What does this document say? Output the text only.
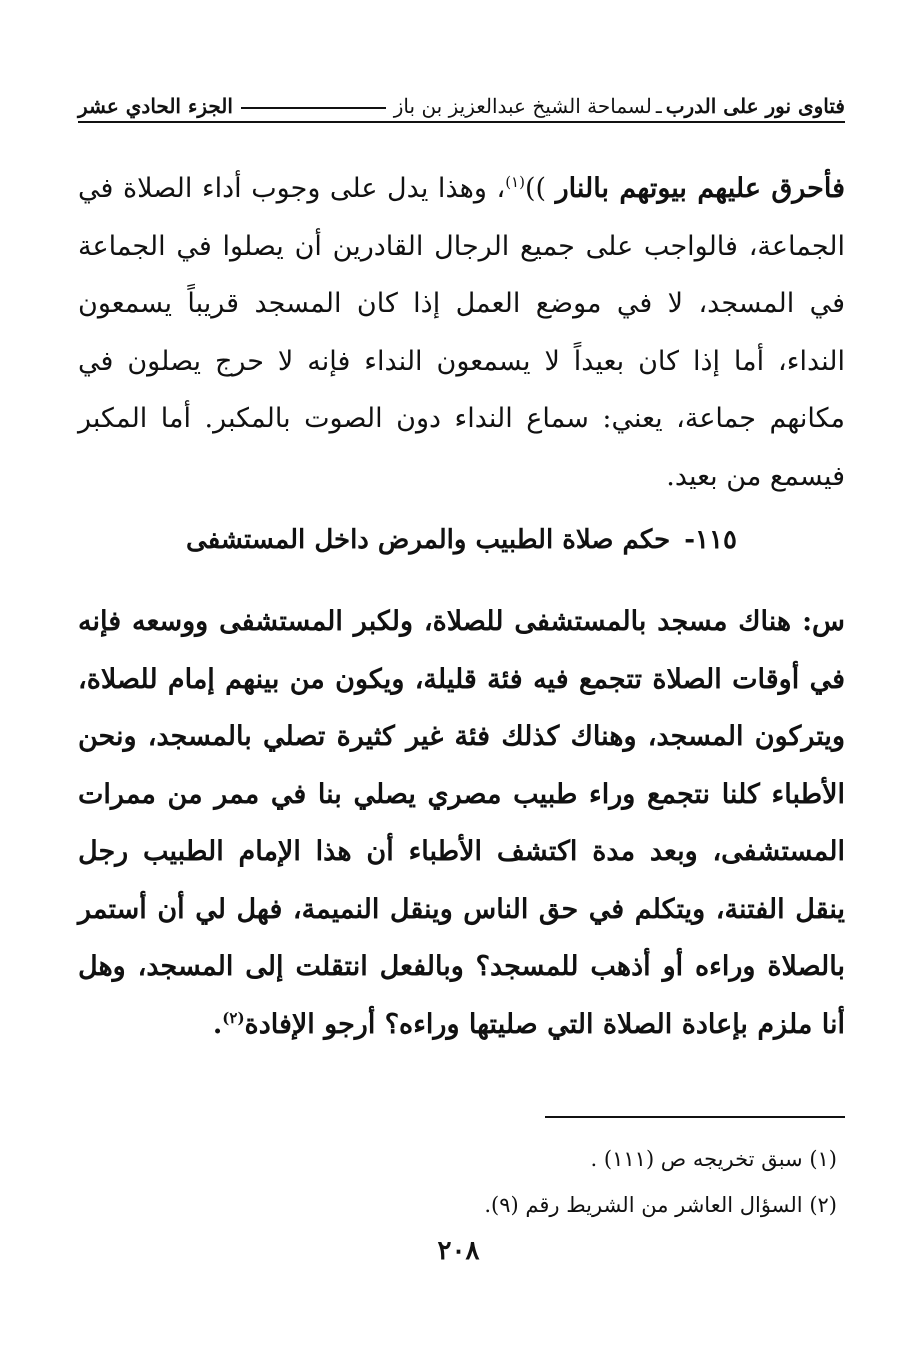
فتاوى نور على الدرب
ـ
لسماحة الشيخ عبدالعزيز بن باز
الجزء الحادي عشر

فأحرق عليهم بيوتهم بالنار ))$^{(١)}$، وهذا يدل على وجوب أداء الصلاة في الجماعة، فالواجب على جميع الرجال القادرين أن يصلوا في الجماعة في المسجد، لا في موضع العمل إذا كان المسجد قريباً يسمعون النداء، أما إذا كان بعيداً لا يسمعون النداء فإنه لا حرج يصلون في مكانهم جماعة، يعني: سماع النداء دون الصوت بالمكبر. أما المكبر فيسمع من بعيد.

١١٥-حكم صلاة الطبيب والمرض داخل المستشفى
س: هناك مسجد بالمستشفى للصلاة، ولكبر المستشفى ووسعه فإنه في أوقات الصلاة تتجمع فيه فئة قليلة، ويكون من بينهم إمام للصلاة، ويتركون المسجد، وهناك كذلك فئة غير كثيرة تصلي بالمسجد، ونحن الأطباء كلنا نتجمع وراء طبيب مصري يصلي بنا في ممر من ممرات المستشفى، وبعد مدة اكتشف الأطباء أن هذا الإمام الطبيب رجل ينقل الفتنة، ويتكلم في حق الناس وينقل النميمة، فهل لي أن أستمر بالصلاة وراءه أو أذهب للمسجد؟ وبالفعل انتقلت إلى المسجد، وهل أنا ملزم بإعادة الصلاة التي صليتها وراءه؟ أرجو الإفادة$^{(٢)}$.

(١) سبق تخريجه ص (١١١) .

(٢) السؤال العاشر من الشريط رقم (٩).

٢٠٨
